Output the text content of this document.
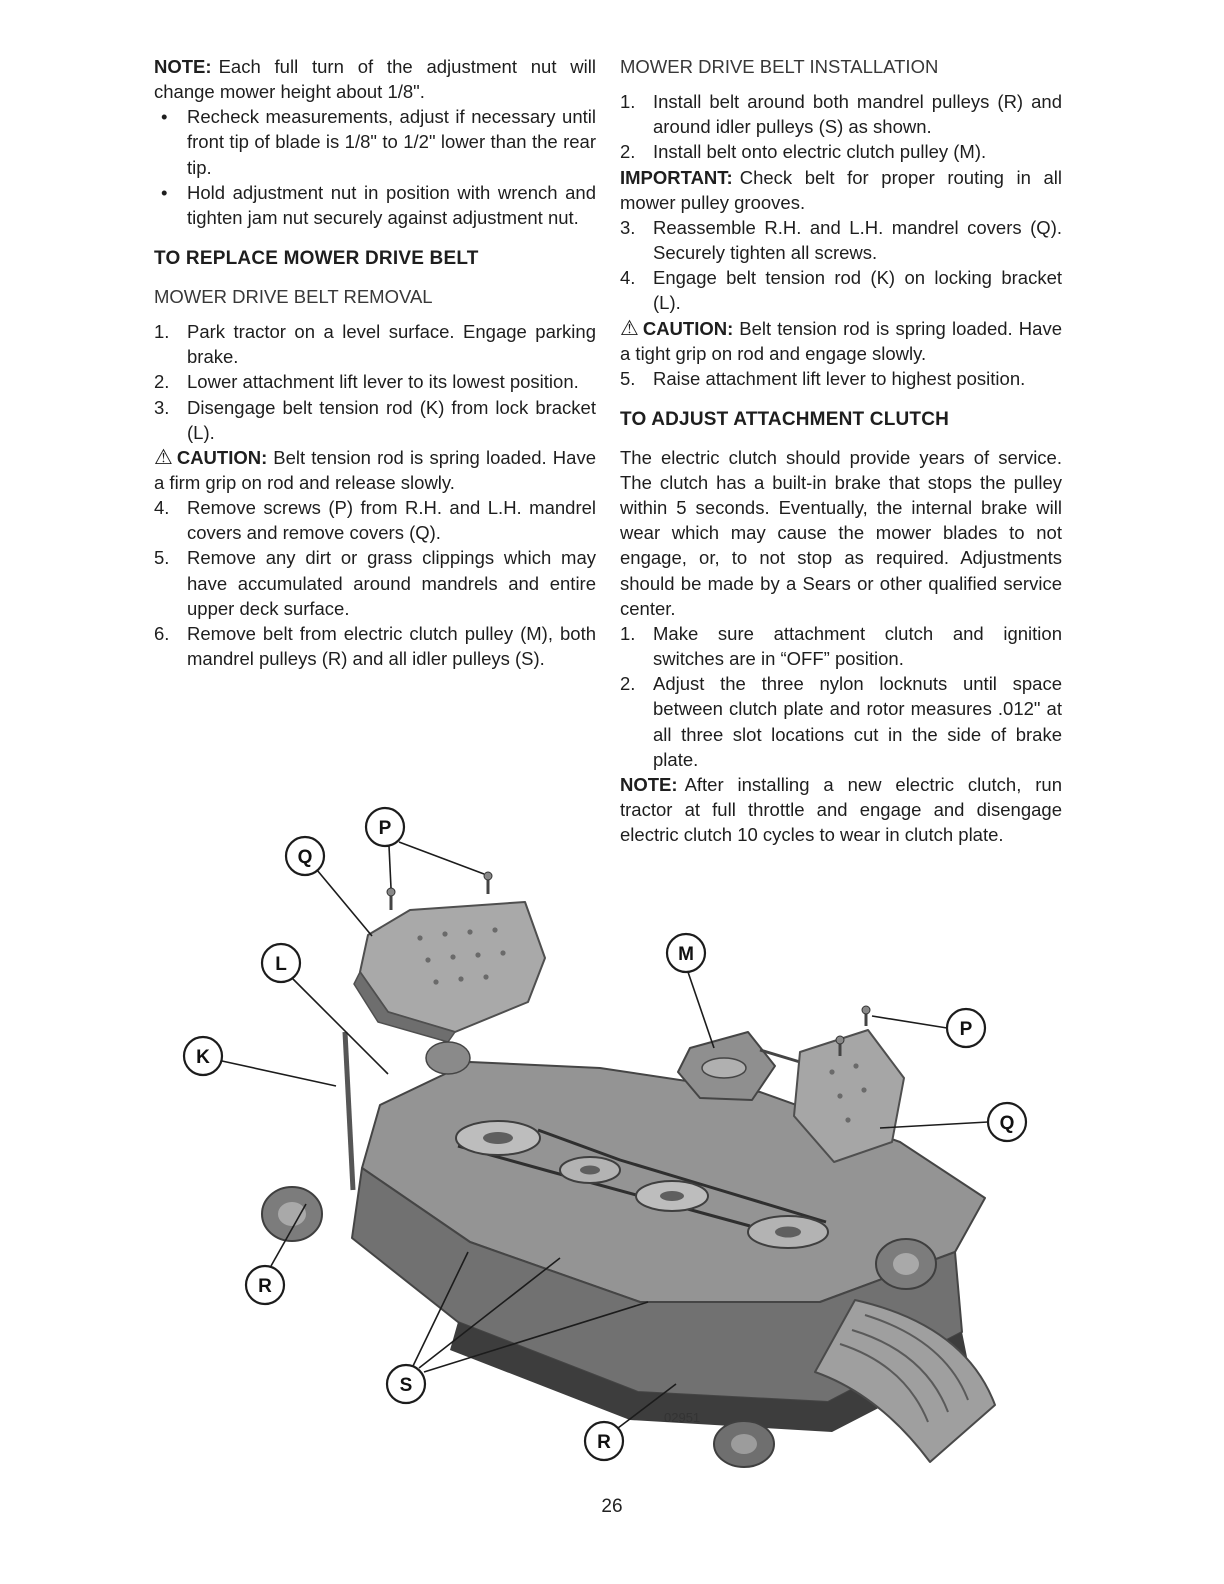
NOTE: Each full turn of the adjustment nut will change mower height about 1/8".

•	Recheck measurements, adjust if necessary until front tip of blade is 1/8" to 1/2" lower than the rear tip.
•	Hold adjustment nut in position with wrench and tighten jam nut securely against adjustment nut.
TO REPLACE MOWER DRIVE BELT

MOWER DRIVE BELT REMOVAL

1. Park tractor on a level surface. Engage parking brake.
2. Lower attachment lift lever to its lowest position.
3. Disengage belt tension rod (K) from lock bracket (L).

⚠ CAUTION: Belt tension rod is spring loaded. Have a firm grip on rod and release slowly.

4. Remove screws (P) from R.H. and L.H. mandrel covers and remove covers (Q).
5. Remove any dirt or grass clippings which may have accumulated around mandrels and entire upper deck surface.
6. Remove belt from electric clutch pulley (M), both mandrel pulleys (R) and all idler pulleys (S).

MOWER DRIVE BELT INSTALLATION

1. Install belt around both mandrel pulleys (R) and around idler pulleys (S) as shown.
2. Install belt onto electric clutch pulley (M).

IMPORTANT: Check belt for proper routing in all mower pulley grooves.

3. Reassemble R.H. and L.H. mandrel covers (Q). Securely tighten all screws.
4. Engage belt tension rod (K) on locking bracket (L).

⚠ CAUTION: Belt tension rod is spring loaded. Have a tight grip on rod and engage slowly.

5. Raise attachment lift lever to highest position.
TO ADJUST ATTACHMENT CLUTCH

The electric clutch should provide years of service. The clutch has a built-in brake that stops the pulley within 5 seconds. Eventually, the internal brake will wear which may cause the mower blades to not engage, or, to not stop as required. Adjustments should be made by a Sears or other qualified service center.

1. Make sure attachment clutch and ignition switches are in “OFF” position.
2. Adjust the three nylon locknuts until space between clutch plate and rotor measures .012" at all three slot locations cut in the side of brake plate.

NOTE: After installing a new electric clutch, run tractor at full throttle and engage and disengage electric clutch 10 cycles to wear in clutch plate.

P
Q
L
K
M
P
Q
R
S
R
02951
26
